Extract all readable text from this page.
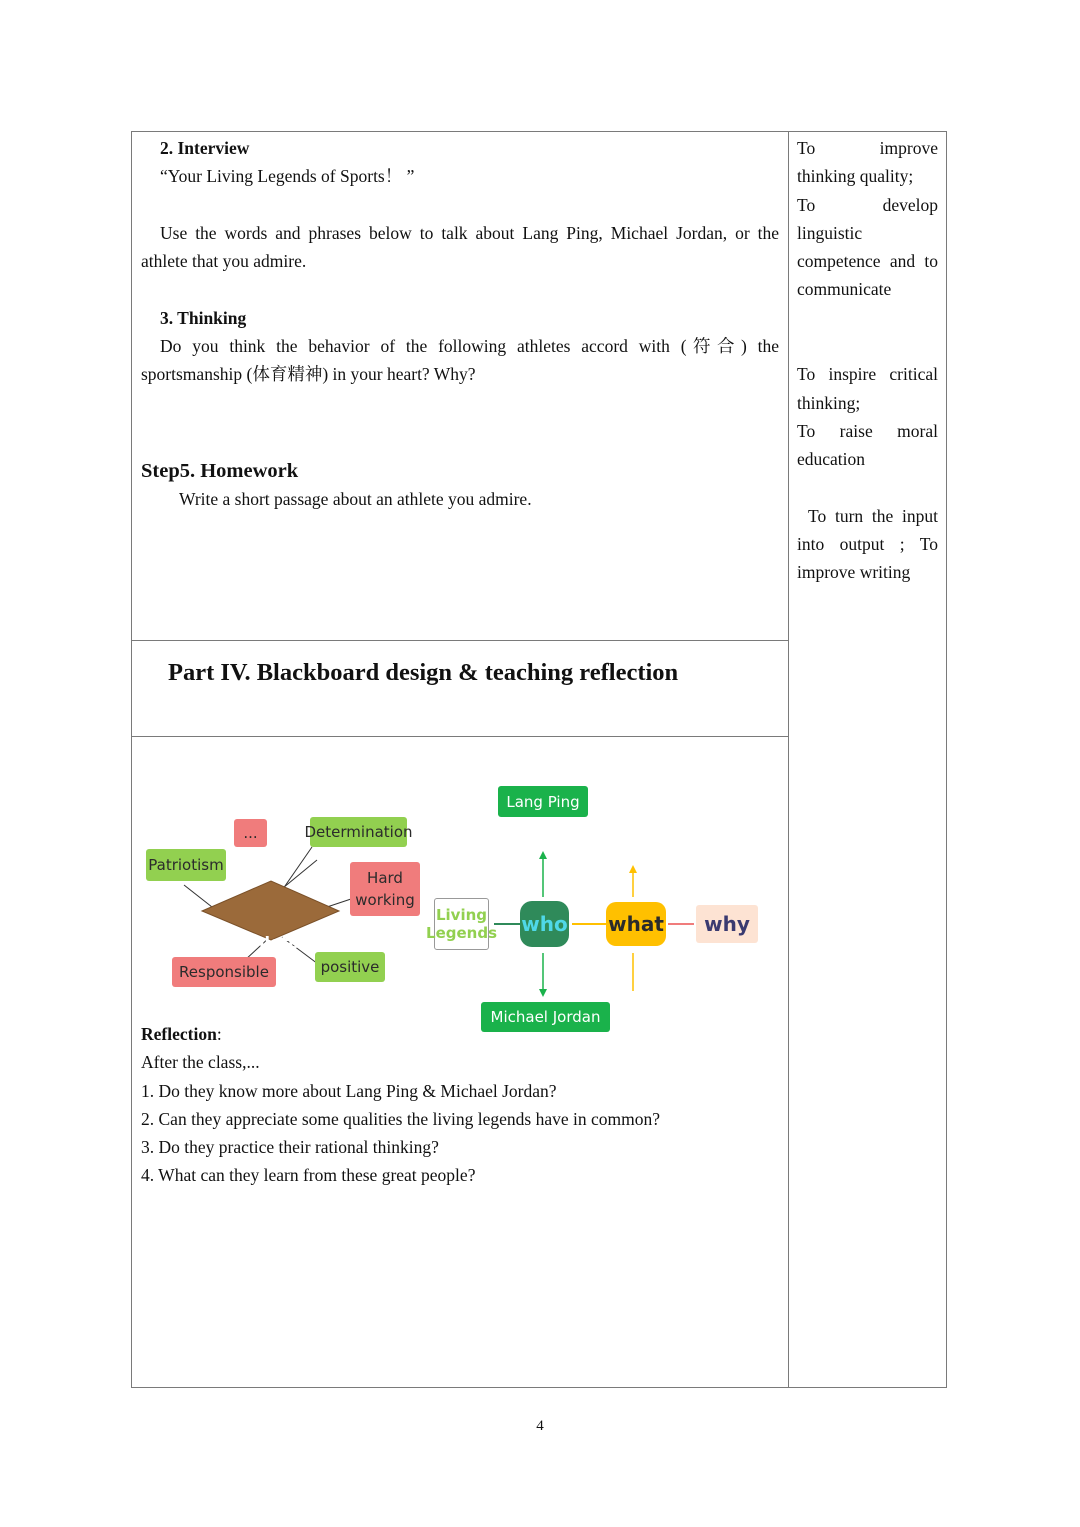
2. Interview

“Your Living Legends of Sports！ ”

Use the words and phrases below to talk about Lang Ping, Michael Jordan, or the athlete that you admire.

3. Thinking

Do you think the behavior of the following athletes accord with (符合) the sportsmanship (体育精神) in your heart? Why?

Step5. Homework

Write a short passage about an athlete you admire.

To improve thinking quality;

To develop linguistic competence and to communicate

To inspire critical thinking;

To raise moral education

To turn the input into output ; To improve writing

Part IV. Blackboard design & teaching reflection
Athletes
...	Determination
Patriotism
Hard working
Responsible	positive
Living Legends who what	why
Lang Ping
Michael Jordan

Reflection:

After the class,...

1. Do they know more about Lang Ping & Michael Jordan?

2. Can they appreciate some qualities the living legends have in common?

3. Do they practice their rational thinking?

4. What can they learn from these great people?

4
